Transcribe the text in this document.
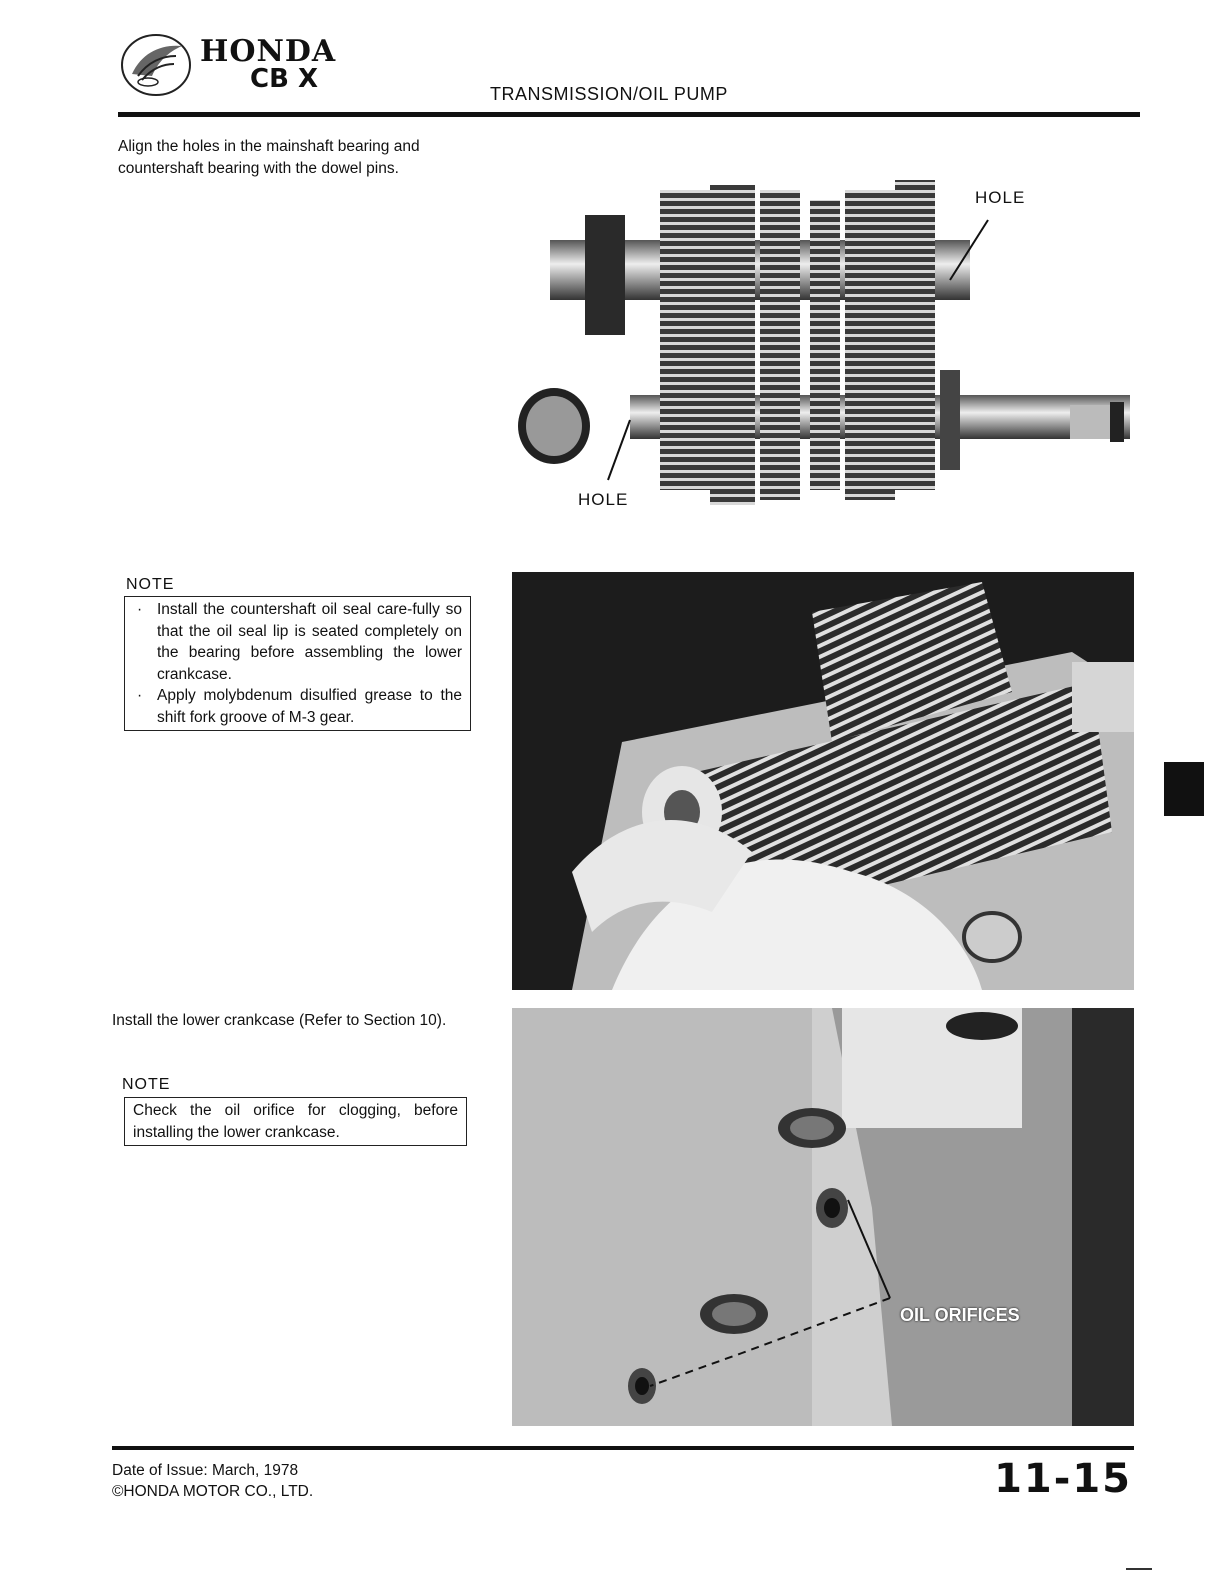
HONDA
CB X	TRANSMISSION/OIL PUMP
Align the holes in the mainshaft bearing and countershaft bearing with the dowel pins.
NOTE
· Install the countershaft oil seal care-fully so that the oil seal lip is seated completely on the bearing before assembling the lower crankcase.
· Apply molybdenum disulfied grease to the shift fork groove of M-3 gear.
Install the lower crankcase (Refer to Section 10).
NOTE
Check the oil orifice for clogging, before installing the lower crankcase.
HOLE
HOLE
OIL ORIFICES
Date of Issue: March, 1978
©HONDA MOTOR CO., LTD.	11-15
